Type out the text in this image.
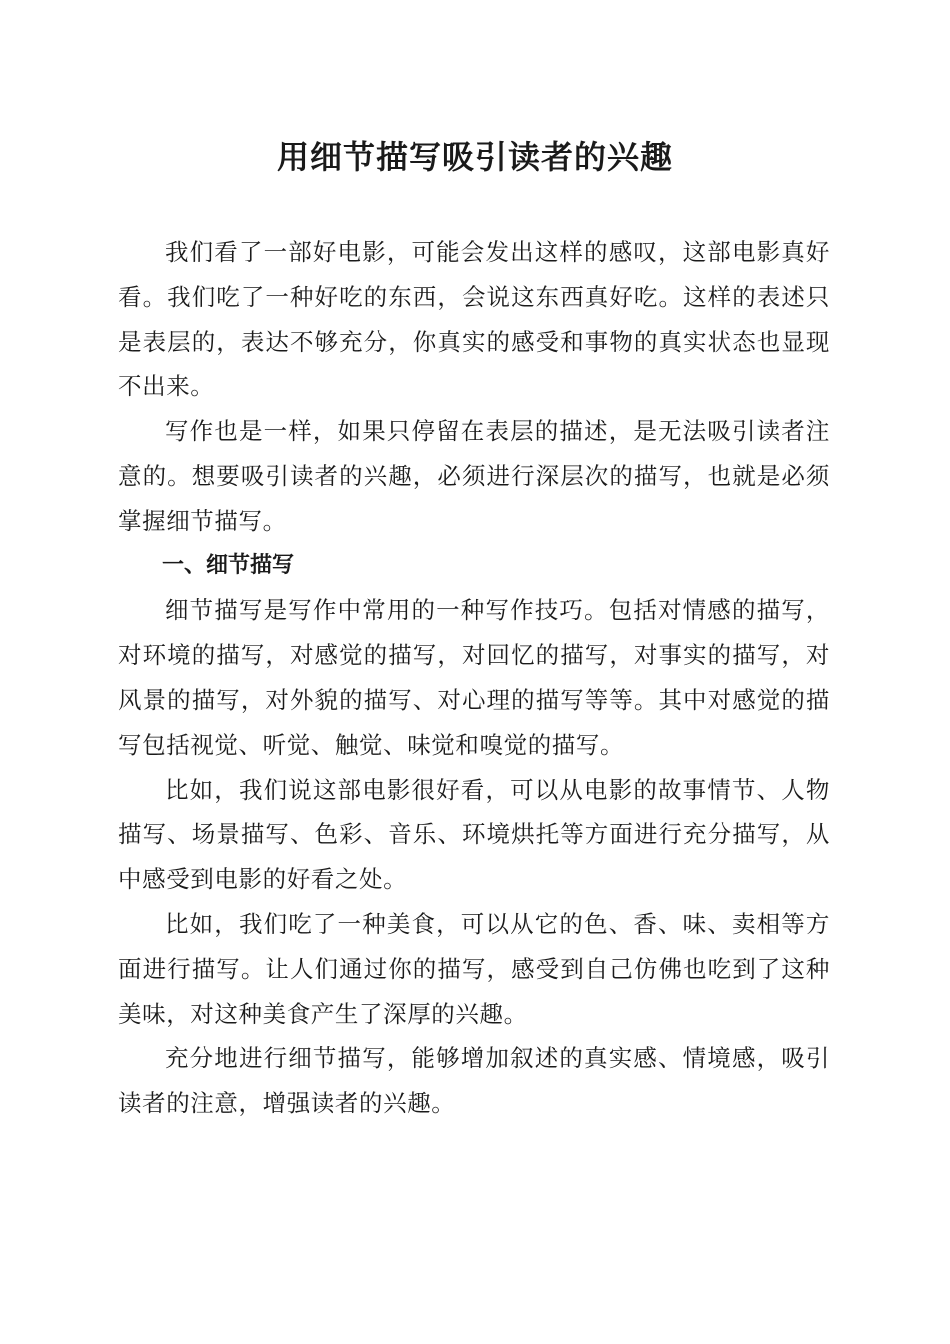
用细节描写吸引读者的兴趣

我们看了一部好电影，可能会发出这样的感叹，这部电影真好看。我们吃了一种好吃的东西，会说这东西真好吃。这样的表述只是表层的，表达不够充分，你真实的感受和事物的真实状态也显现不出来。

写作也是一样，如果只停留在表层的描述，是无法吸引读者注意的。想要吸引读者的兴趣，必须进行深层次的描写，也就是必须掌握细节描写。

一、细节描写

细节描写是写作中常用的一种写作技巧。包括对情感的描写，对环境的描写，对感觉的描写，对回忆的描写，对事实的描写，对风景的描写，对外貌的描写、对心理的描写等等。其中对感觉的描写包括视觉、听觉、触觉、味觉和嗅觉的描写。

比如，我们说这部电影很好看，可以从电影的故事情节、人物描写、场景描写、色彩、音乐、环境烘托等方面进行充分描写，从中感受到电影的好看之处。

比如，我们吃了一种美食，可以从它的色、香、味、卖相等方面进行描写。让人们通过你的描写，感受到自己仿佛也吃到了这种美味，对这种美食产生了深厚的兴趣。

充分地进行细节描写，能够增加叙述的真实感、情境感，吸引读者的注意，增强读者的兴趣。
